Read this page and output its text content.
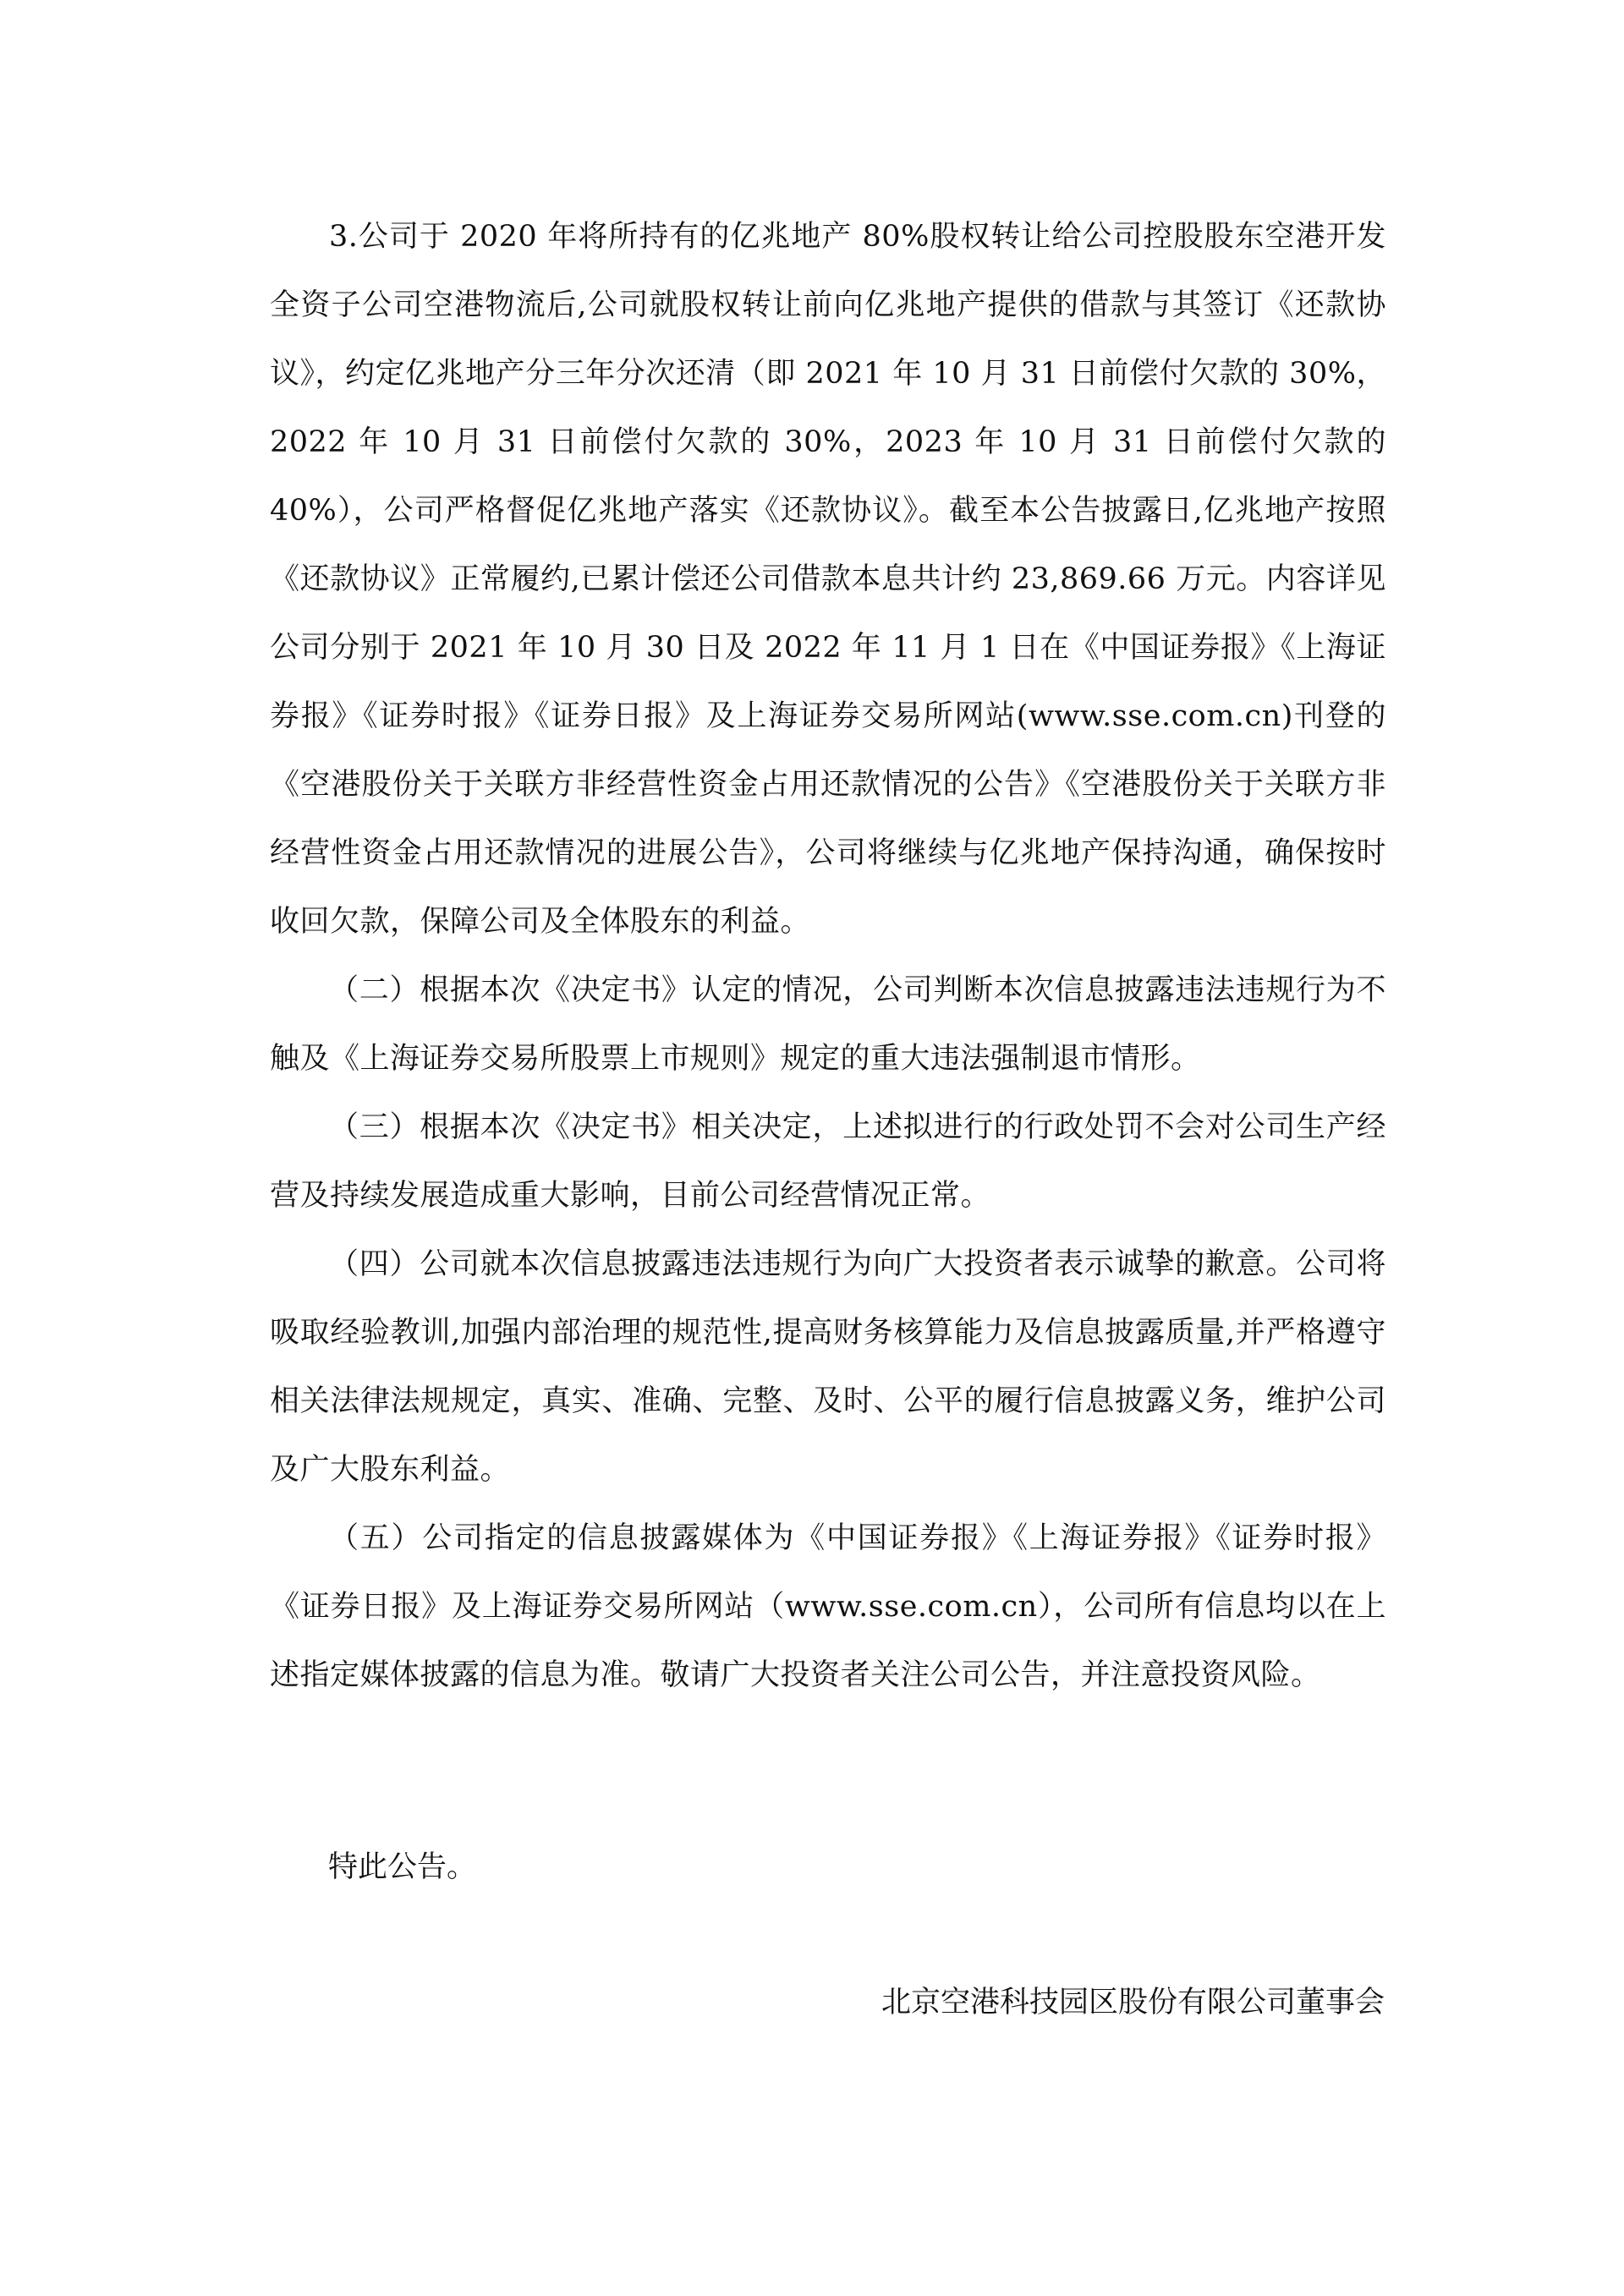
3.公司于 2020 年将所持有的亿兆地产 80%股权转让给公司控股股东空港开发全资子公司空港物流后,公司就股权转让前向亿兆地产提供的借款与其签订《还款协议》，约定亿兆地产分三年分次还清（即 2021 年 10 月 31 日前偿付欠款的 30%，2022 年 10 月 31 日前偿付欠款的 30%，2023 年 10 月 31 日前偿付欠款的 40%），公司严格督促亿兆地产落实《还款协议》。截至本公告披露日,亿兆地产按照《还款协议》正常履约,已累计偿还公司借款本息共计约 23,869.66 万元。内容详见公司分别于 2021 年 10 月 30 日及 2022 年 11 月 1 日在《中国证券报》《上海证券报》《证券时报》《证券日报》及上海证券交易所网站(www.sse.com.cn)刊登的《空港股份关于关联方非经营性资金占用还款情况的公告》《空港股份关于关联方非经营性资金占用还款情况的进展公告》，公司将继续与亿兆地产保持沟通，确保按时收回欠款，保障公司及全体股东的利益。

（二）根据本次《决定书》认定的情况，公司判断本次信息披露违法违规行为不触及《上海证券交易所股票上市规则》规定的重大违法强制退市情形。

（三）根据本次《决定书》相关决定，上述拟进行的行政处罚不会对公司生产经营及持续发展造成重大影响，目前公司经营情况正常。

（四）公司就本次信息披露违法违规行为向广大投资者表示诚挚的歉意。公司将吸取经验教训,加强内部治理的规范性,提高财务核算能力及信息披露质量,并严格遵守相关法律法规规定，真实、准确、完整、及时、公平的履行信息披露义务，维护公司及广大股东利益。

（五）公司指定的信息披露媒体为《中国证券报》《上海证券报》《证券时报》《证券日报》及上海证券交易所网站（www.sse.com.cn），公司所有信息均以在上述指定媒体披露的信息为准。敬请广大投资者关注公司公告，并注意投资风险。

特此公告。
北京空港科技园区股份有限公司董事会
